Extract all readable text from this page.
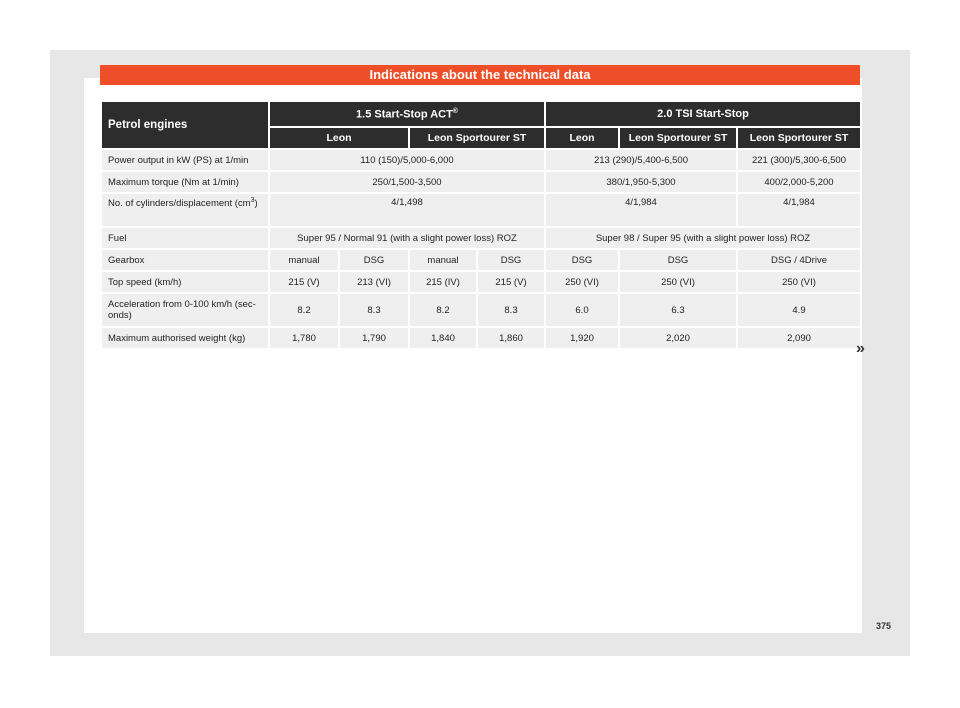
Indications about the technical data
Petrol engines	1.5 Start-Stop ACT®				2.0 TSI Start-Stop		
	Leon		Leon Sportourer ST		Leon	Leon Sportourer ST	Leon Sportourer ST
Power output in kW (PS) at 1/min	110 (150)/5,000-6,000				213 (290)/5,400-6,500		221 (300)/5,300-6,500
Maximum torque (Nm at 1/min)	250/1,500-3,500				380/1,950-5,300		400/2,000-5,200
No. of cylinders/displacement $(cm^3)$	4/1,498				4/1,984		4/1,984
Fuel	Super 95 / Normal 91 (with a slight power loss) ROZ				Super 98 / Super 95 (with a slight power loss) ROZ		
Gearbox	manual	DSG	manual	DSG	DSG	DSG	DSG / 4Drive
Top speed (km/h)	215 (V)	213 (VI)	215 (IV)	215 (V)	250 (VI)	250 (VI)	250 (VI)
Acceleration from 0-100 km/h (sec-onds)	8.2	8.3	8.2	8.3	6.0	6.3	4.9
Maximum authorised weight (kg)	1,780	1,790	1,840	1,860	1,920	2,020	2,090
»
375
